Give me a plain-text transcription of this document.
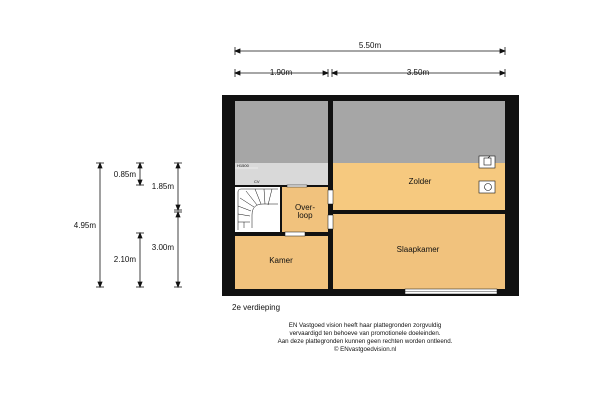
5.50m
1.90m	3.50m
4.95m
0.85m
1.85m
3.00m
2.10m
H1500
CV	Zolder
Over-
loop
Kamer
Slaapkamer
2e verdieping
EN Vastgoed vision heeft haar plattegronden zorgvuldig
vervaardigd ten behoeve van promotionele doeleinden.
Aan deze plattegronden kunnen geen rechten worden ontleend.
© ENvastgoedvision.nl
